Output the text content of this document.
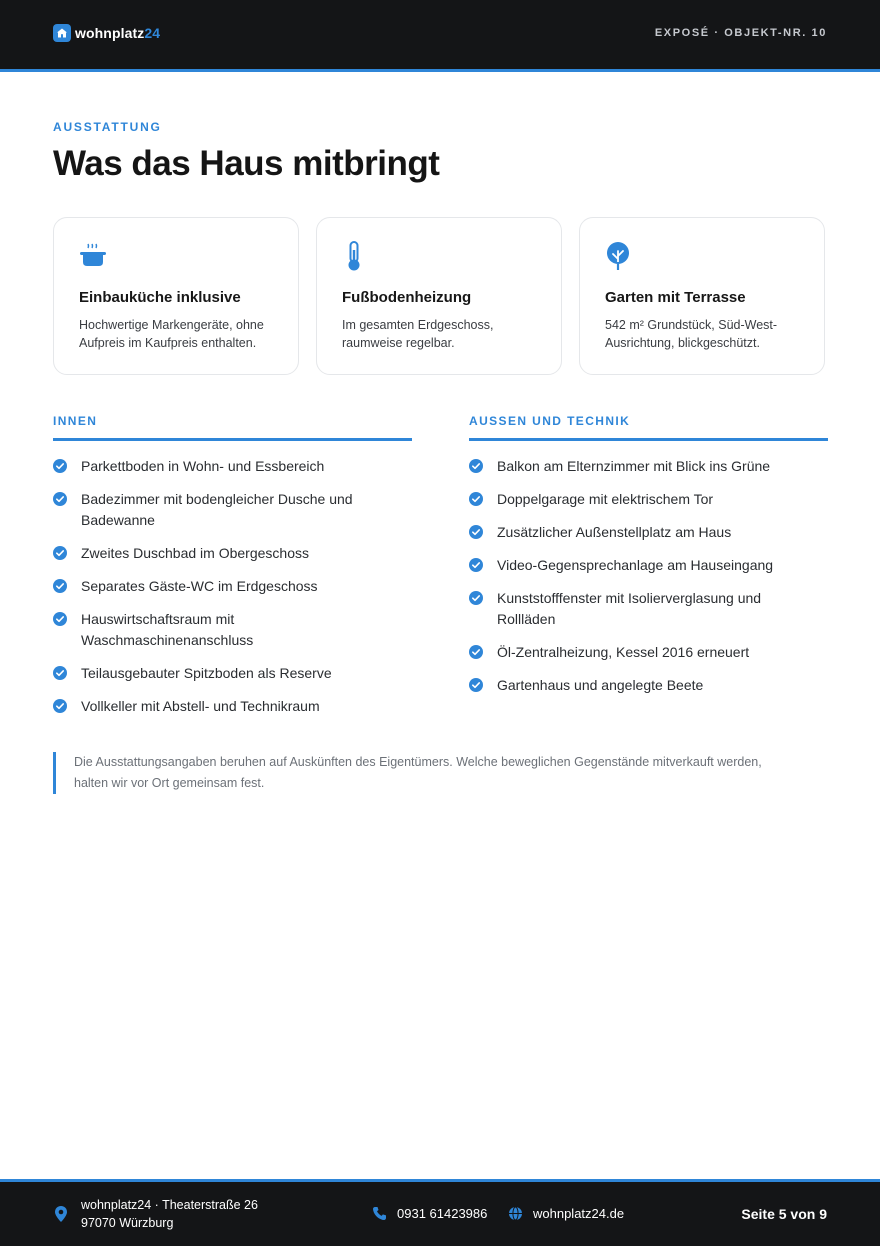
wohnplatz24	EXPOSÉ · OBJEKT-NR. 10
AUSSTATTUNG
Was das Haus mitbringt
Einbauküche inklusive
Hochwertige Markengeräte, ohne Aufpreis im Kaufpreis enthalten.
Fußbodenheizung
Im gesamten Erdgeschoss, raumweise regelbar.
Garten mit Terrasse
542 m² Grundstück, Süd-West-Ausrichtung, blickgeschützt.
INNEN
Parkettboden in Wohn- und Essbereich
Badezimmer mit bodengleicher Dusche und Badewanne
Zweites Duschbad im Obergeschoss
Separates Gäste-WC im Erdgeschoss
Hauswirtschaftsraum mit Waschmaschinenanschluss
Teilausgebauter Spitzboden als Reserve
Vollkeller mit Abstell- und Technikraum
AUSSEN UND TECHNIK
Balkon am Elternzimmer mit Blick ins Grüne
Doppelgarage mit elektrischem Tor
Zusätzlicher Außenstellplatz am Haus
Video-Gegensprechanlage am Hauseingang
Kunststofffenster mit Isolierverglasung und Rollläden
Öl-Zentralheizung, Kessel 2016 erneuert
Gartenhaus und angelegte Beete
Die Ausstattungsangaben beruhen auf Auskünften des Eigentümers. Welche beweglichen Gegenstände mitverkauft werden, halten wir vor Ort gemeinsam fest.
wohnplatz24 · Theaterstraße 26
97070 Würzburg
0931 61423986	wohnplatz24.de	Seite 5 von 9
